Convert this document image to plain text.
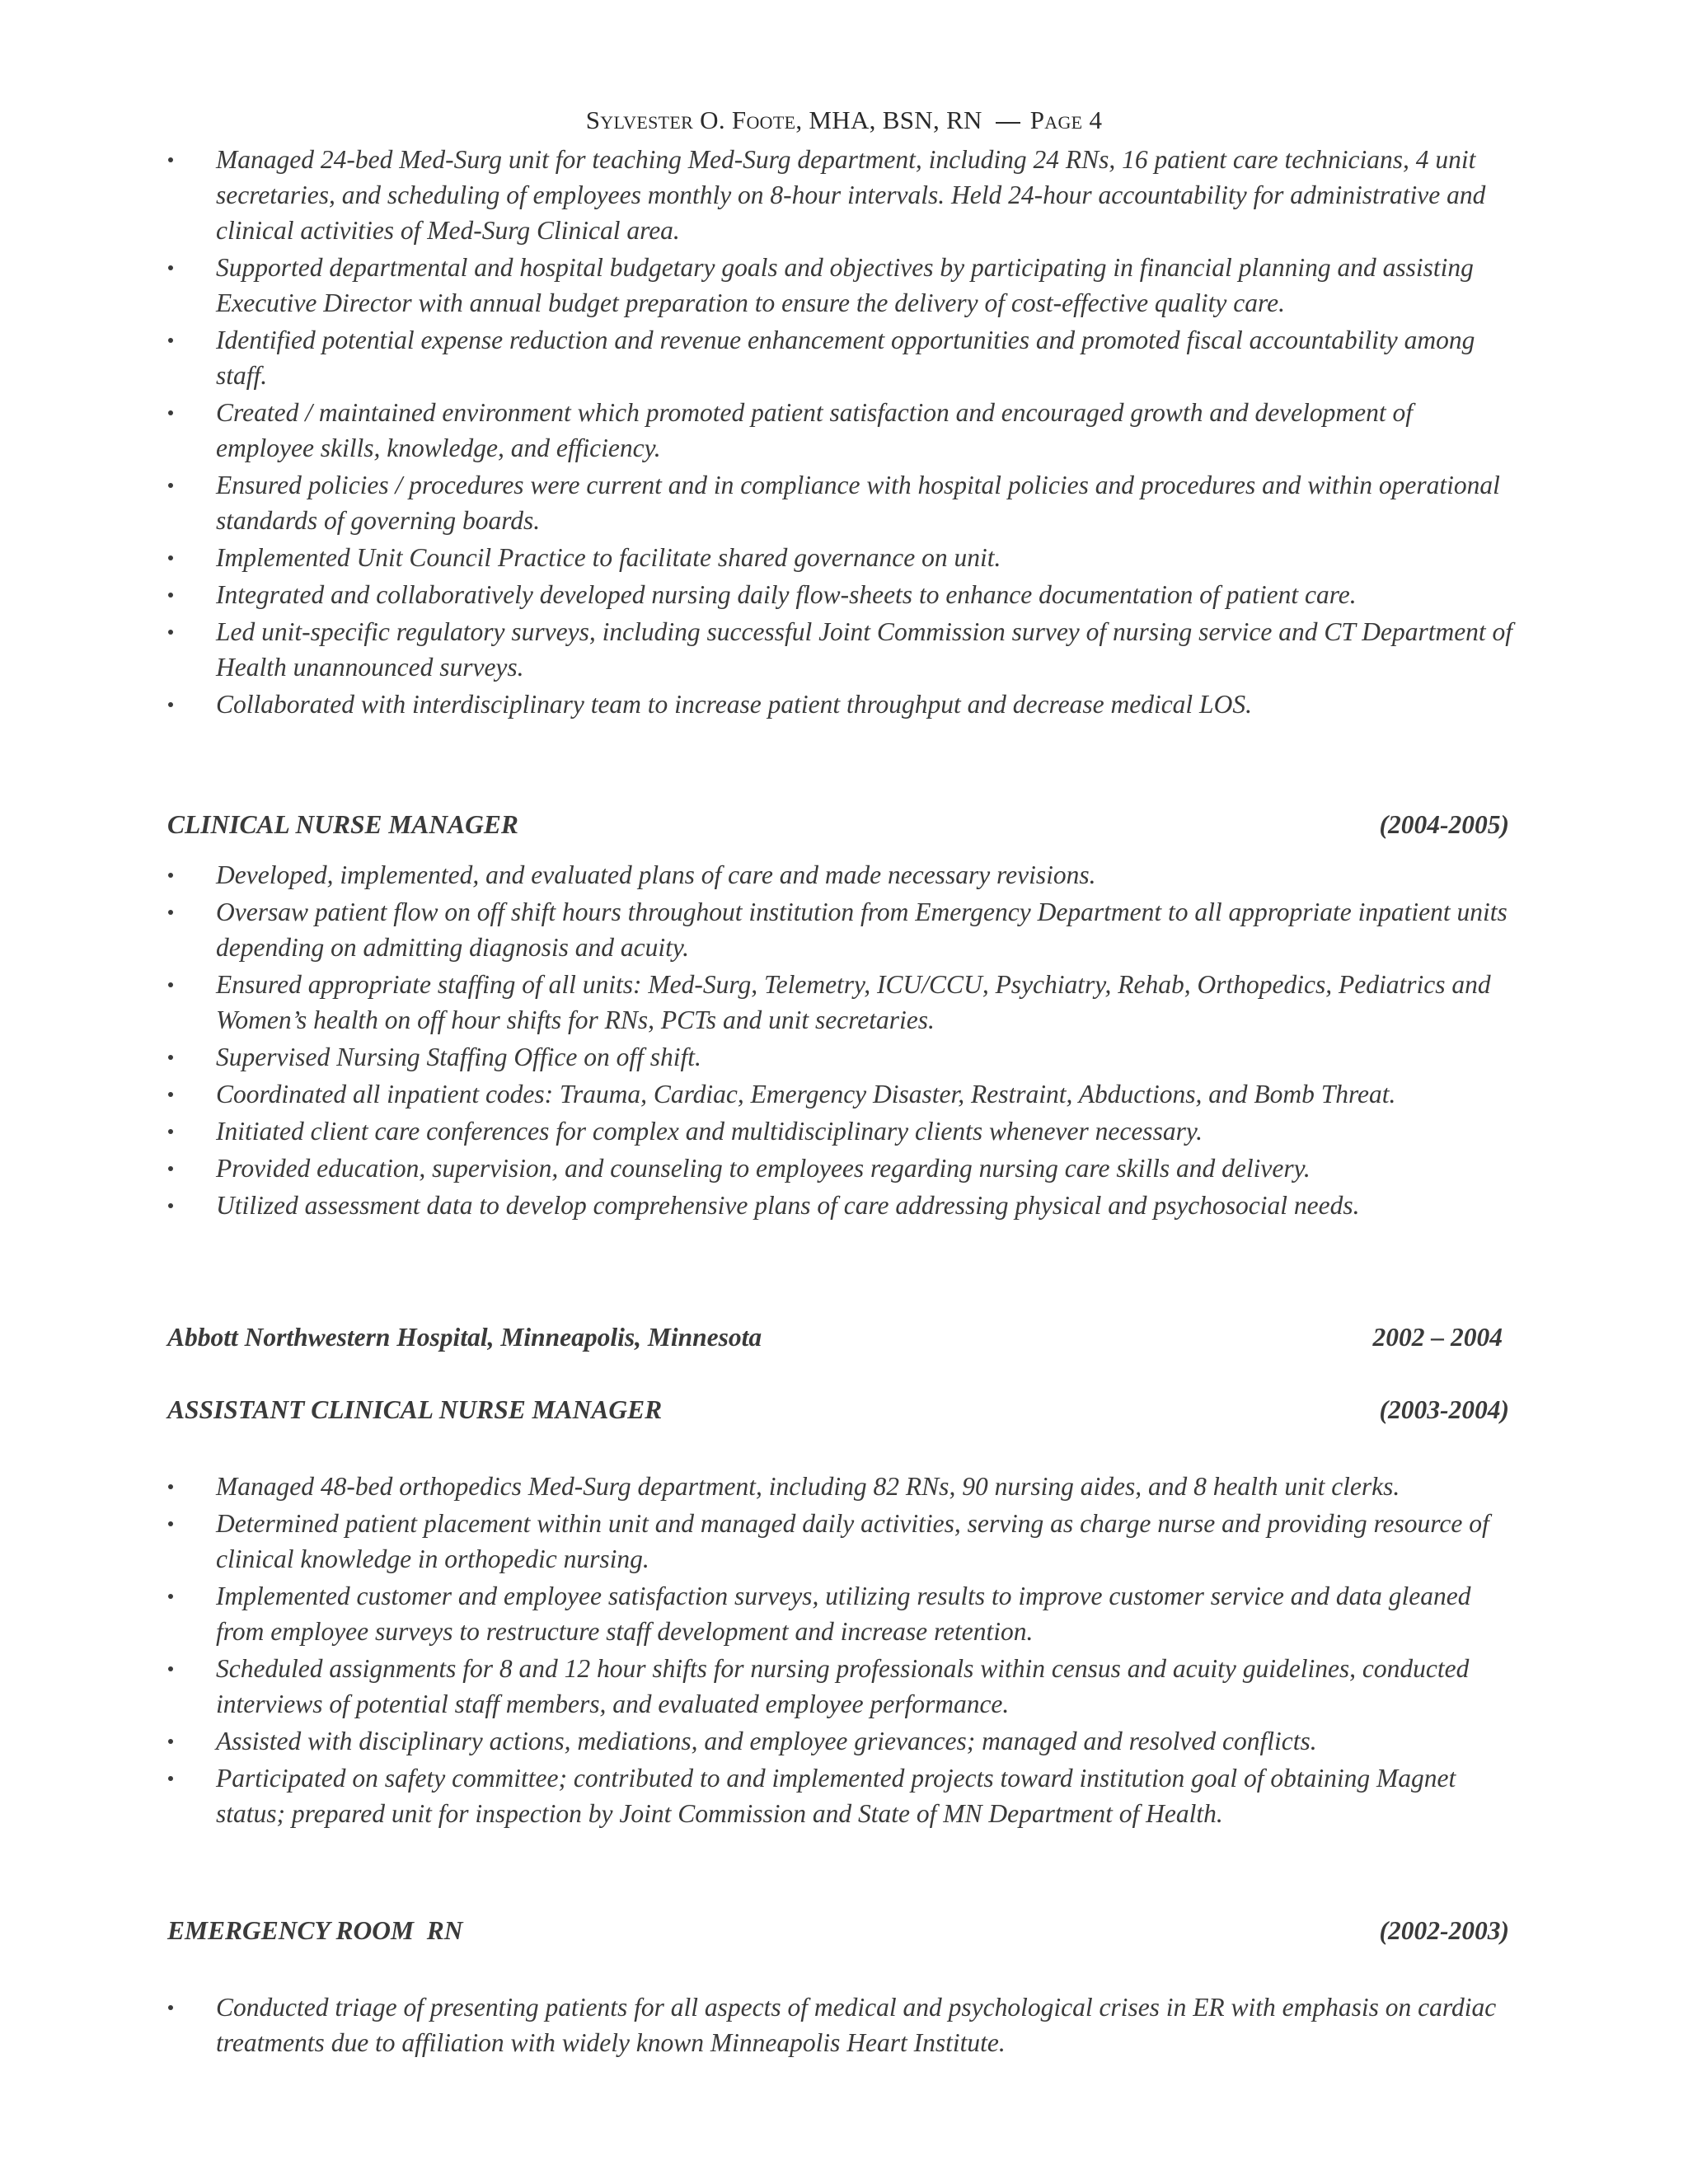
Sylvester O. Foote, MHA, BSN, RN Page 4
Managed 24-bed Med-Surg unit for teaching Med-Surg department, including 24 RNs, 16 patient care technicians, 4 unit secretaries, and scheduling of employees monthly on 8-hour intervals. Held 24-hour accountability for administrative and clinical activities of Med-Surg Clinical area.
Supported departmental and hospital budgetary goals and objectives by participating in financial planning and assisting Executive Director with annual budget preparation to ensure the delivery of cost-effective quality care.
Identified potential expense reduction and revenue enhancement opportunities and promoted fiscal accountability among staff.
Created / maintained environment which promoted patient satisfaction and encouraged growth and development of employee skills, knowledge, and efficiency.
Ensured policies / procedures were current and in compliance with hospital policies and procedures and within operational standards of governing boards.
Implemented Unit Council Practice to facilitate shared governance on unit.
Integrated and collaboratively developed nursing daily flow-sheets to enhance documentation of patient care.
Led unit-specific regulatory surveys, including successful Joint Commission survey of nursing service and CT Department of Health unannounced surveys.
Collaborated with interdisciplinary team to increase patient throughput and decrease medical LOS.
CLINICAL NURSE MANAGER	(2004-2005)
Developed, implemented, and evaluated plans of care and made necessary revisions.
Oversaw patient flow on off shift hours throughout institution from Emergency Department to all appropriate inpatient units depending on admitting diagnosis and acuity.
Ensured appropriate staffing of all units: Med-Surg, Telemetry, ICU/CCU, Psychiatry, Rehab, Orthopedics, Pediatrics and Women’s health on off hour shifts for RNs, PCTs and unit secretaries.
Supervised Nursing Staffing Office on off shift.
Coordinated all inpatient codes: Trauma, Cardiac, Emergency Disaster, Restraint, Abductions, and Bomb Threat.
Initiated client care conferences for complex and multidisciplinary clients whenever necessary.
Provided education, supervision, and counseling to employees regarding nursing care skills and delivery.
Utilized assessment data to develop comprehensive plans of care addressing physical and psychosocial needs.
Abbott Northwestern Hospital, Minneapolis, Minnesota	2002 – 2004
ASSISTANT CLINICAL NURSE MANAGER	(2003-2004)
Managed 48-bed orthopedics Med-Surg department, including 82 RNs, 90 nursing aides, and 8 health unit clerks.
Determined patient placement within unit and managed daily activities, serving as charge nurse and providing resource of clinical knowledge in orthopedic nursing.
Implemented customer and employee satisfaction surveys, utilizing results to improve customer service and data gleaned from employee surveys to restructure staff development and increase retention.
Scheduled assignments for 8 and 12 hour shifts for nursing professionals within census and acuity guidelines, conducted interviews of potential staff members, and evaluated employee performance.
Assisted with disciplinary actions, mediations, and employee grievances; managed and resolved conflicts.
Participated on safety committee; contributed to and implemented projects toward institution goal of obtaining Magnet status; prepared unit for inspection by Joint Commission and State of MN Department of Health.
EMERGENCY ROOM  RN	(2002-2003)
Conducted triage of presenting patients for all aspects of medical and psychological crises in ER with emphasis on cardiac treatments due to affiliation with widely known Minneapolis Heart Institute.
